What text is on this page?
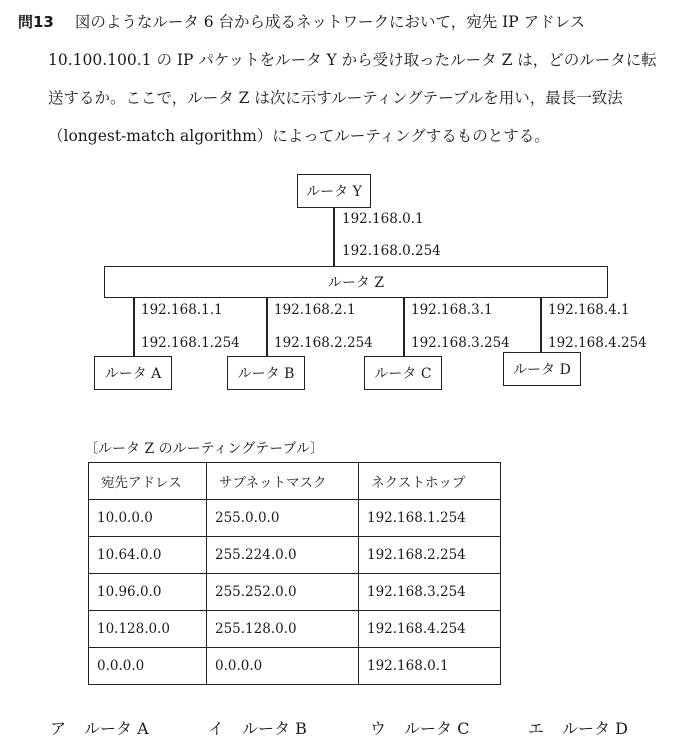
問13 図のようなルータ 6 台から成るネットワークにおいて，宛先 IP アドレス
10.100.100.1 の IP パケットをルータ Y から受け取ったルータ Z は，どのルータに転
送するか。ここで，ルータ Z は次に示すルーティングテーブルを用い，最長一致法
（longest-match algorithm）によってルーティングするものとする。
ルータ Y
192.168.0.1
192.168.0.254
ルータ Z
192.168.1.1
192.168.1.254
ルータ A
192.168.2.1
192.168.2.254
ルータ B
192.168.3.1
192.168.3.254
ルータ C
192.168.4.1
192.168.4.254
ルータ D
〔ルータ Z のルーティングテーブル〕
宛先アドレス	サブネットマスク	ネクストホップ
10.0.0.0	255.0.0.0	192.168.1.254
10.64.0.0	255.224.0.0	192.168.2.254
10.96.0.0	255.252.0.0	192.168.3.254
10.128.0.0	255.128.0.0	192.168.4.254
0.0.0.0	0.0.0.0	192.168.0.1
ア ルータ A	イ ルータ B	ウ ルータ C	エ ルータ D
